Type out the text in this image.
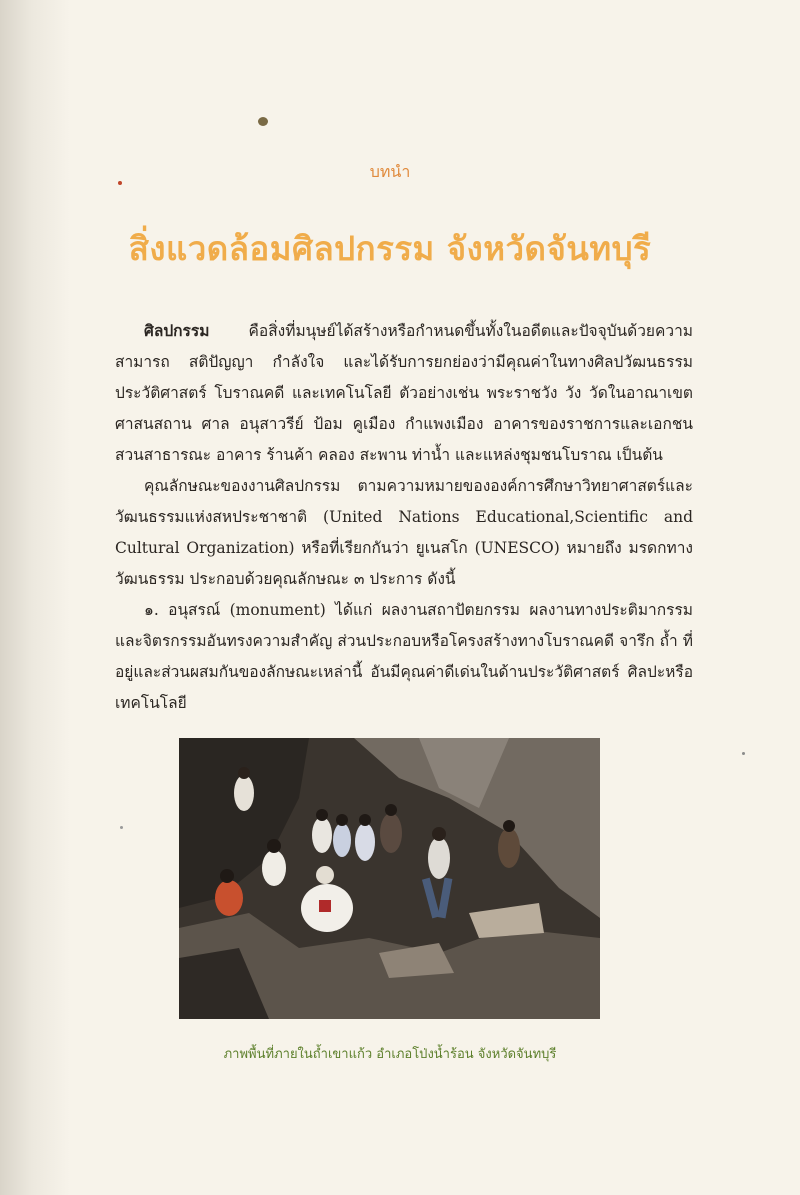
บทนำ
สิ่งแวดล้อมศิลปกรรม จังหวัดจันทบุรี

ศิลปกรรม คือสิ่งที่มนุษย์ได้สร้างหรือกำหนดขึ้นทั้งในอดีตและปัจจุบันด้วยความสามารถ สติปัญญา กำลังใจ และได้รับการยกย่องว่ามีคุณค่าในทางศิลปวัฒนธรรมประวัติศาสตร์ โบราณคดี และเทคโนโลยี ตัวอย่างเช่น พระราชวัง วัง วัดในอาณาเขต ศาสนสถาน ศาล อนุสาวรีย์ ป้อม คูเมือง กำแพงเมือง อาคารของราชการและเอกชน สวนสาธารณะ อาคาร ร้านค้า คลอง สะพาน ท่าน้ำ และแหล่งชุมชนโบราณ เป็นต้น

คุณลักษณะของงานศิลปกรรม ตามความหมายขององค์การศึกษาวิทยาศาสตร์และวัฒนธรรมแห่งสหประชาชาติ (United Nations Educational,Scientific and Cultural Organization) หรือที่เรียกกันว่า ยูเนสโก (UNESCO) หมายถึง มรดกทางวัฒนธรรม ประกอบด้วยคุณลักษณะ ๓ ประการ ดังนี้

๑. อนุสรณ์ (monument) ได้แก่ ผลงานสถาปัตยกรรม ผลงานทางประติมากรรมและจิตรกรรมอันทรงความสำคัญ ส่วนประกอบหรือโครงสร้างทางโบราณคดี จารึก ถ้ำ ที่อยู่และส่วนผสมกันของลักษณะเหล่านี้ อันมีคุณค่าดีเด่นในด้านประวัติศาสตร์ ศิลปะหรือเทคโนโลยี

ภาพพื้นที่ภายในถ้ำเขาแก้ว อำเภอโป่งน้ำร้อน จังหวัดจันทบุรี
